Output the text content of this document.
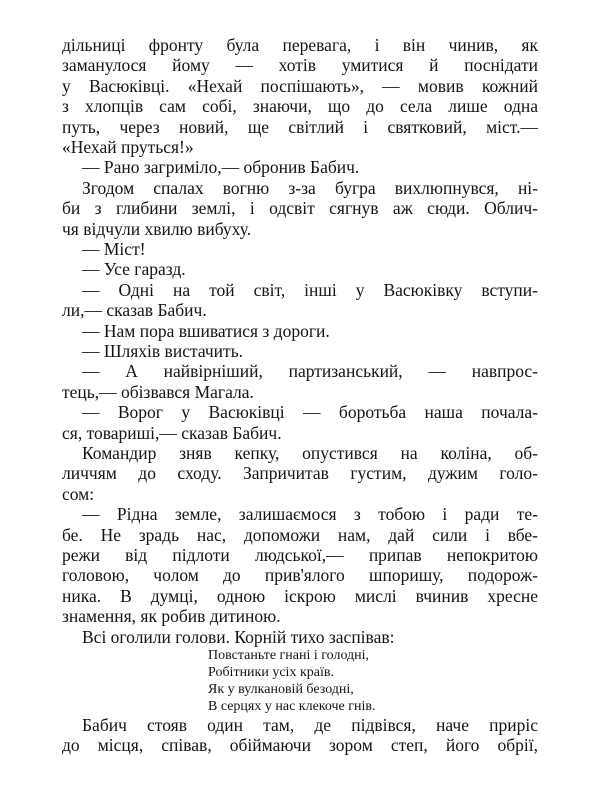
дільниці фронту була перевага, і він чинив, як
заманулося йому — хотів умитися й поснідати
у Васюківці. «Нехай поспішають», — мовив кожний
з хлопців сам собі, знаючи, що до села лише одна
путь, через новий, ще світлий і святковий, міст.—
«Нехай пруться!»
— Рано загриміло,— обронив Бабич.
Згодом спалах вогню з-за бугра вихлюпнувся, ні-
би з глибини землі, і одсвіт сягнув аж сюди. Облич-
чя відчули хвилю вибуху.
— Міст!
— Усе гаразд.
— Одні на той світ, інші у Васюківку вступи-
ли,— сказав Бабич.
— Нам пора вшиватися з дороги.
— Шляхів вистачить.
— А найвірніший, партизанський, — навпрос-
тець,— обізвався Магала.
— Ворог у Васюківці — боротьба наша почала-
ся, товариші,— сказав Бабич.
Командир зняв кепку, опустився на коліна, об-
личчям до сходу. Запричитав густим, дужим голо-
сом:
— Рідна земле, залишаємося з тобою і ради те-
бе. Не зрадь нас, допоможи нам, дай сили і вбе-
режи від підлоти людської,— припав непокритою
головою, чолом до прив'ялого шпоришу, подорож-
ника. В думці, одною іскрою мислі вчинив хресне
знамення, як робив дитиною.
Всі оголили голови. Корній тихо заспівав:
Повстаньте гнані і голодні,
Робітники усіх країв.
Як у вулкановій безодні,
В серцях у нас клекоче гнів.
Бабич стояв один там, де підвівся, наче приріс
до місця, співав, обіймаючи зором степ, його обрії,
